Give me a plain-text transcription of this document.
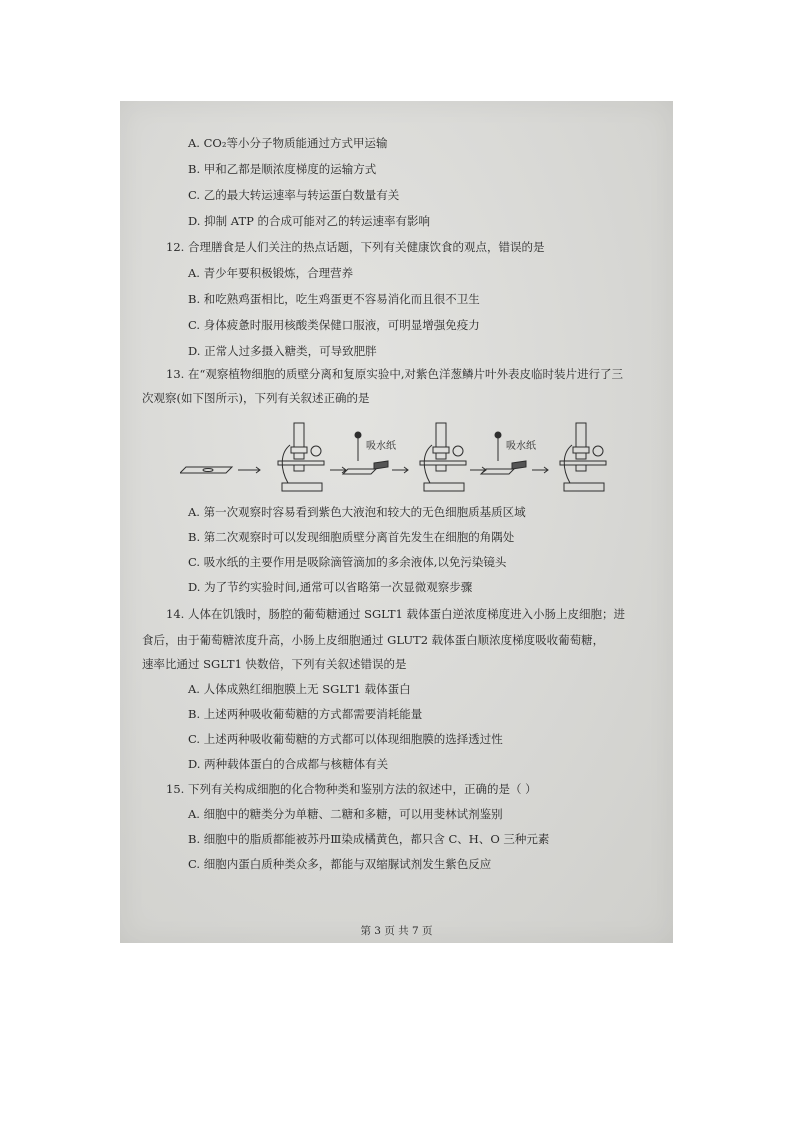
A. CO₂等小分子物质能通过方式甲运输
B. 甲和乙都是顺浓度梯度的运输方式
C. 乙的最大转运速率与转运蛋白数量有关
D. 抑制 ATP 的合成可能对乙的转运速率有影响
12. 合理膳食是人们关注的热点话题，下列有关健康饮食的观点，错误的是
A. 青少年要积极锻炼，合理营养
B. 和吃熟鸡蛋相比，吃生鸡蛋更不容易消化而且很不卫生
C. 身体疲惫时服用核酸类保健口服液，可明显增强免疫力
D. 正常人过多摄入糖类，可导致肥胖
13. 在“观察植物细胞的质壁分离和复原实验中,对紫色洋葱鳞片叶外表皮临时装片进行了三
次观察(如下图所示)，下列有关叙述正确的是
吸水纸	吸水纸
A. 第一次观察时容易看到紫色大液泡和较大的无色细胞质基质区域
B. 第二次观察时可以发现细胞质壁分离首先发生在细胞的角隅处
C. 吸水纸的主要作用是吸除滴管滴加的多余液体,以免污染镜头
D. 为了节约实验时间,通常可以省略第一次显微观察步骤
14. 人体在饥饿时，肠腔的葡萄糖通过 SGLT1 载体蛋白逆浓度梯度进入小肠上皮细胞；进
食后，由于葡萄糖浓度升高，小肠上皮细胞通过 GLUT2 载体蛋白顺浓度梯度吸收葡萄糖，
速率比通过 SGLT1 快数倍，下列有关叙述错误的是
A. 人体成熟红细胞膜上无 SGLT1 载体蛋白
B. 上述两种吸收葡萄糖的方式都需要消耗能量
C. 上述两种吸收葡萄糖的方式都可以体现细胞膜的选择透过性
D. 两种载体蛋白的合成都与核糖体有关
15. 下列有关构成细胞的化合物种类和鉴别方法的叙述中，正确的是（ ）
A. 细胞中的糖类分为单糖、二糖和多糖，可以用斐林试剂鉴别
B. 细胞中的脂质都能被苏丹Ⅲ染成橘黄色，都只含 C、H、O 三种元素
C. 细胞内蛋白质种类众多，都能与双缩脲试剂发生紫色反应
第 3 页 共 7 页
